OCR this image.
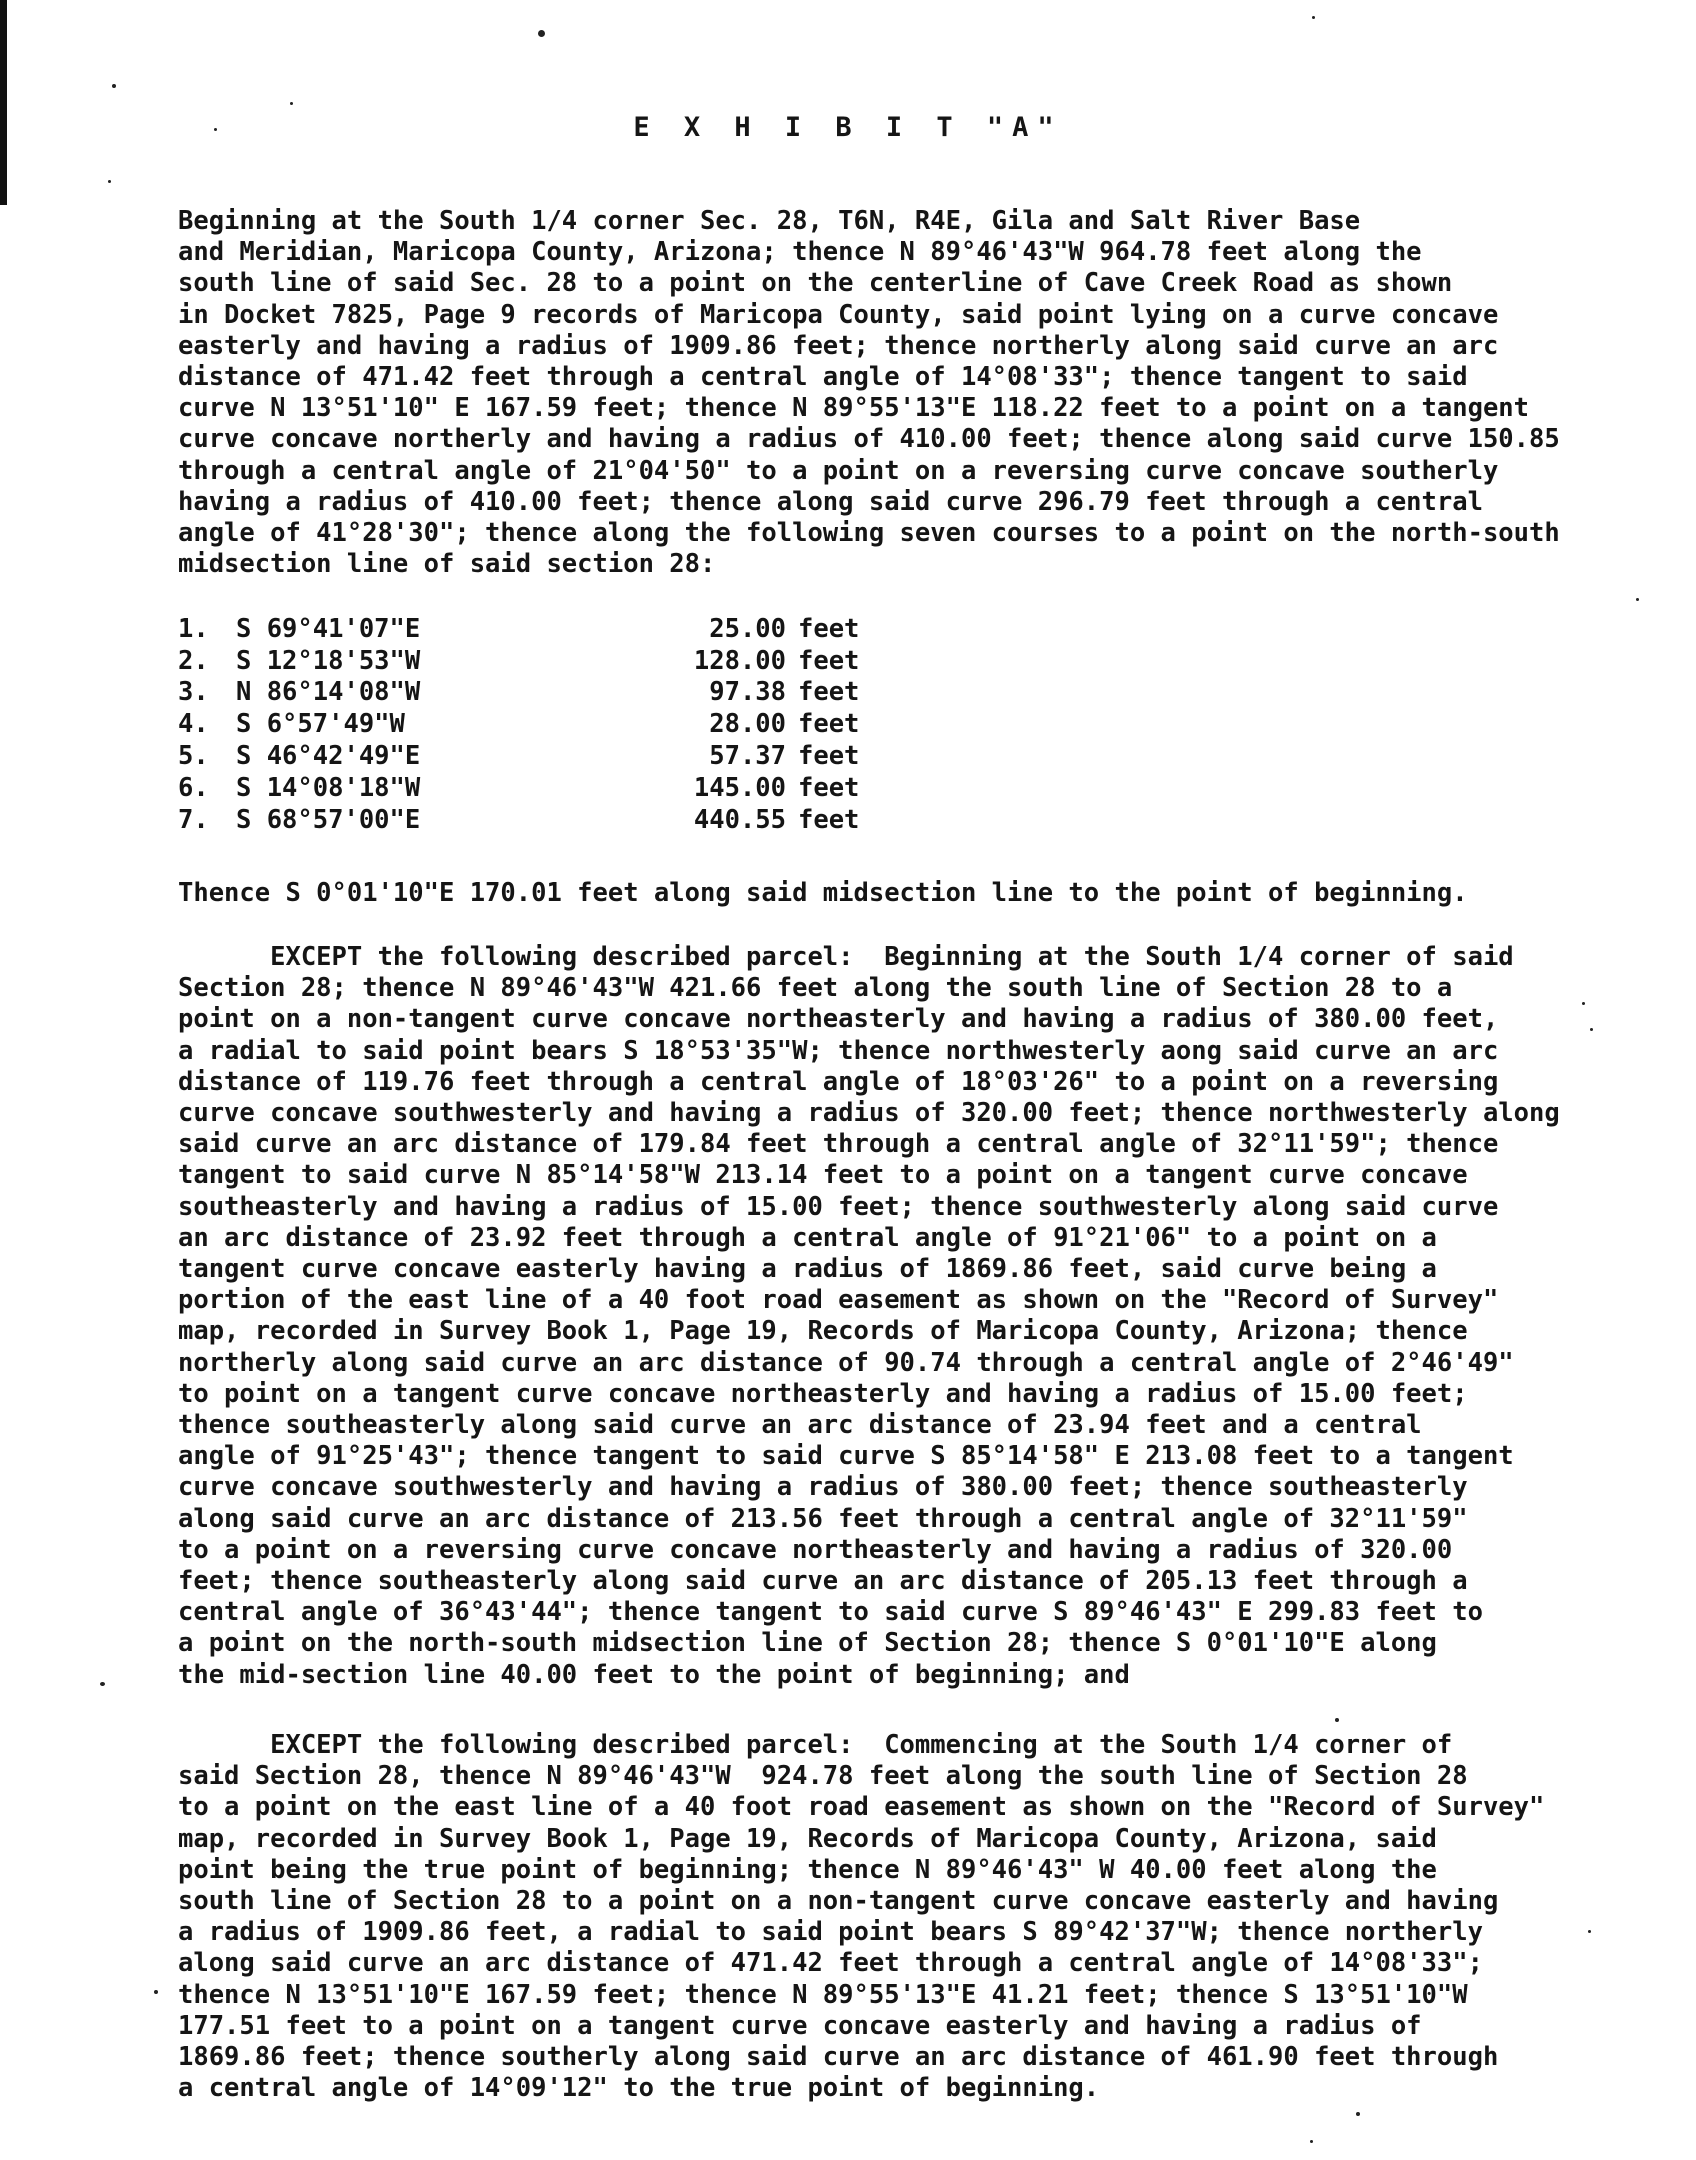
E X H I B I T "A"

Beginning at the South 1/4 corner Sec. 28, T6N, R4E, Gila and Salt River Base
and Meridian, Maricopa County, Arizona; thence N 89°46'43"W 964.78 feet along the
south line of said Sec. 28 to a point on the centerline of Cave Creek Road as shown
in Docket 7825, Page 9 records of Maricopa County, said point lying on a curve concave
easterly and having a radius of 1909.86 feet; thence northerly along said curve an arc
distance of 471.42 feet through a central angle of 14°08'33"; thence tangent to said
curve N 13°51'10" E 167.59 feet; thence N 89°55'13"E 118.22 feet to a point on a tangent
curve concave northerly and having a radius of 410.00 feet; thence along said curve 150.85
through a central angle of 21°04'50" to a point on a reversing curve concave southerly
having a radius of 410.00 feet; thence along said curve 296.79 feet through a central
angle of 41°28'30"; thence along the following seven courses to a point on the north-south
midsection line of said section 28:

1.	S 69°41'07"E	25.00 feet
2.	S 12°18'53"W	128.00 feet
3.	N 86°14'08"W	97.38 feet
4.	S 6°57'49"W	28.00 feet
5.	S 46°42'49"E	57.37 feet
6.	S 14°08'18"W	145.00 feet
7.	S 68°57'00"E	440.55 feet

Thence S 0°01'10"E 170.01 feet along said midsection line to the point of beginning.

EXCEPT the following described parcel:  Beginning at the South 1/4 corner of said
Section 28; thence N 89°46'43"W 421.66 feet along the south line of Section 28 to a
point on a non-tangent curve concave northeasterly and having a radius of 380.00 feet,
a radial to said point bears S 18°53'35"W; thence northwesterly aong said curve an arc
distance of 119.76 feet through a central angle of 18°03'26" to a point on a reversing
curve concave southwesterly and having a radius of 320.00 feet; thence northwesterly along
said curve an arc distance of 179.84 feet through a central angle of 32°11'59"; thence
tangent to said curve N 85°14'58"W 213.14 feet to a point on a tangent curve concave
southeasterly and having a radius of 15.00 feet; thence southwesterly along said curve
an arc distance of 23.92 feet through a central angle of 91°21'06" to a point on a
tangent curve concave easterly having a radius of 1869.86 feet, said curve being a
portion of the east line of a 40 foot road easement as shown on the "Record of Survey"
map, recorded in Survey Book 1, Page 19, Records of Maricopa County, Arizona; thence
northerly along said curve an arc distance of 90.74 through a central angle of 2°46'49"
to point on a tangent curve concave northeasterly and having a radius of 15.00 feet;
thence southeasterly along said curve an arc distance of 23.94 feet and a central
angle of 91°25'43"; thence tangent to said curve S 85°14'58" E 213.08 feet to a tangent
curve concave southwesterly and having a radius of 380.00 feet; thence southeasterly
along said curve an arc distance of 213.56 feet through a central angle of 32°11'59"
to a point on a reversing curve concave northeasterly and having a radius of 320.00
feet; thence southeasterly along said curve an arc distance of 205.13 feet through a
central angle of 36°43'44"; thence tangent to said curve S 89°46'43" E 299.83 feet to
a point on the north-south midsection line of Section 28; thence S 0°01'10"E along
the mid-section line 40.00 feet to the point of beginning; and

EXCEPT the following described parcel:  Commencing at the South 1/4 corner of
said Section 28, thence N 89°46'43"W  924.78 feet along the south line of Section 28
to a point on the east line of a 40 foot road easement as shown on the "Record of Survey"
map, recorded in Survey Book 1, Page 19, Records of Maricopa County, Arizona, said
point being the true point of beginning; thence N 89°46'43" W 40.00 feet along the
south line of Section 28 to a point on a non-tangent curve concave easterly and having
a radius of 1909.86 feet, a radial to said point bears S 89°42'37"W; thence northerly
along said curve an arc distance of 471.42 feet through a central angle of 14°08'33";
thence N 13°51'10"E 167.59 feet; thence N 89°55'13"E 41.21 feet; thence S 13°51'10"W
177.51 feet to a point on a tangent curve concave easterly and having a radius of
1869.86 feet; thence southerly along said curve an arc distance of 461.90 feet through
a central angle of 14°09'12" to the true point of beginning.
